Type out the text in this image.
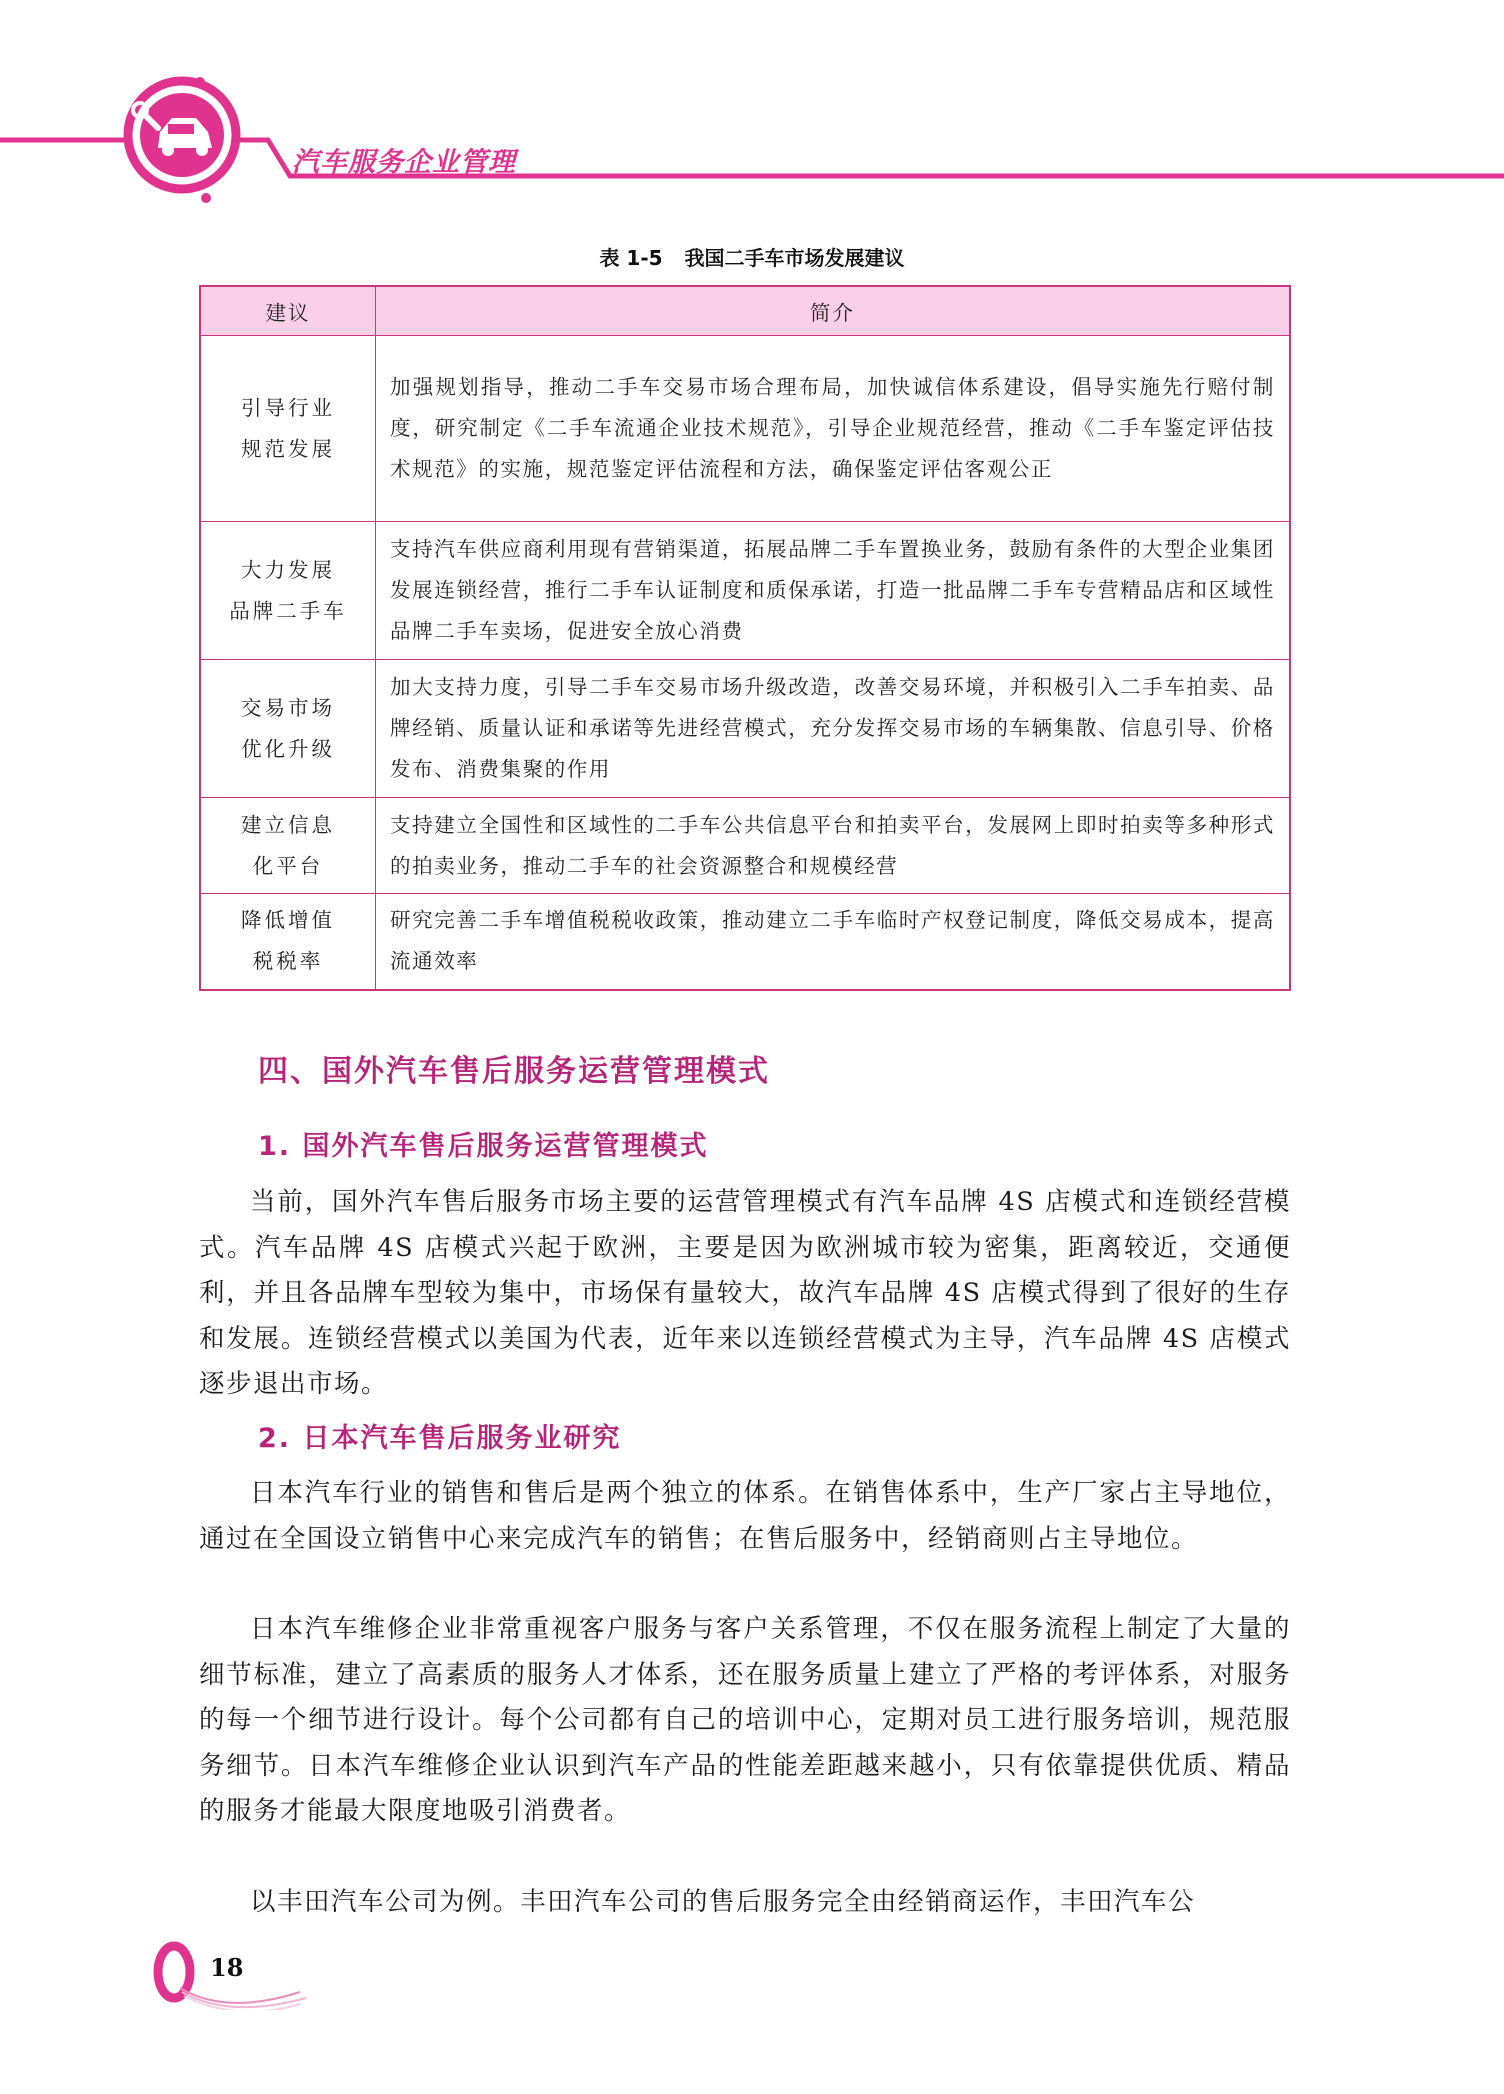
汽车服务企业管理
表 1-5 我国二手车市场发展建议
建议	简介

引导行业
规范发展	加强规划指导，推动二手车交易市场合理布局，加快诚信体系建设，倡导实施先行赔付制度，研究制定《二手车流通企业技术规范》，引导企业规范经营，推动《二手车鉴定评估技术规范》的实施，规范鉴定评估流程和方法，确保鉴定评估客观公正

大力发展
品牌二手车	支持汽车供应商利用现有营销渠道，拓展品牌二手车置换业务，鼓励有条件的大型企业集团发展连锁经营，推行二手车认证制度和质保承诺，打造一批品牌二手车专营精品店和区域性品牌二手车卖场，促进安全放心消费

交易市场
优化升级	加大支持力度，引导二手车交易市场升级改造，改善交易环境，并积极引入二手车拍卖、品牌经销、质量认证和承诺等先进经营模式，充分发挥交易市场的车辆集散、信息引导、价格发布、消费集聚的作用

建立信息
化平台	支持建立全国性和区域性的二手车公共信息平台和拍卖平台，发展网上即时拍卖等多种形式的拍卖业务，推动二手车的社会资源整合和规模经营

降低增值
税税率	研究完善二手车增值税税收政策，推动建立二手车临时产权登记制度，降低交易成本，提高流通效率
四、国外汽车售后服务运营管理模式
1. 国外汽车售后服务运营管理模式

当前，国外汽车售后服务市场主要的运营管理模式有汽车品牌 4S 店模式和连锁经营模式。汽车品牌 4S 店模式兴起于欧洲，主要是因为欧洲城市较为密集，距离较近，交通便利，并且各品牌车型较为集中，市场保有量较大，故汽车品牌 4S 店模式得到了很好的生存和发展。连锁经营模式以美国为代表，近年来以连锁经营模式为主导，汽车品牌 4S 店模式逐步退出市场。

2. 日本汽车售后服务业研究

日本汽车行业的销售和售后是两个独立的体系。在销售体系中，生产厂家占主导地位，通过在全国设立销售中心来完成汽车的销售；在售后服务中，经销商则占主导地位。

日本汽车维修企业非常重视客户服务与客户关系管理，不仅在服务流程上制定了大量的细节标准，建立了高素质的服务人才体系，还在服务质量上建立了严格的考评体系，对服务的每一个细节进行设计。每个公司都有自己的培训中心，定期对员工进行服务培训，规范服务细节。日本汽车维修企业认识到汽车产品的性能差距越来越小，只有依靠提供优质、精品的服务才能最大限度地吸引消费者。

以丰田汽车公司为例。丰田汽车公司的售后服务完全由经销商运作，丰田汽车公

18
